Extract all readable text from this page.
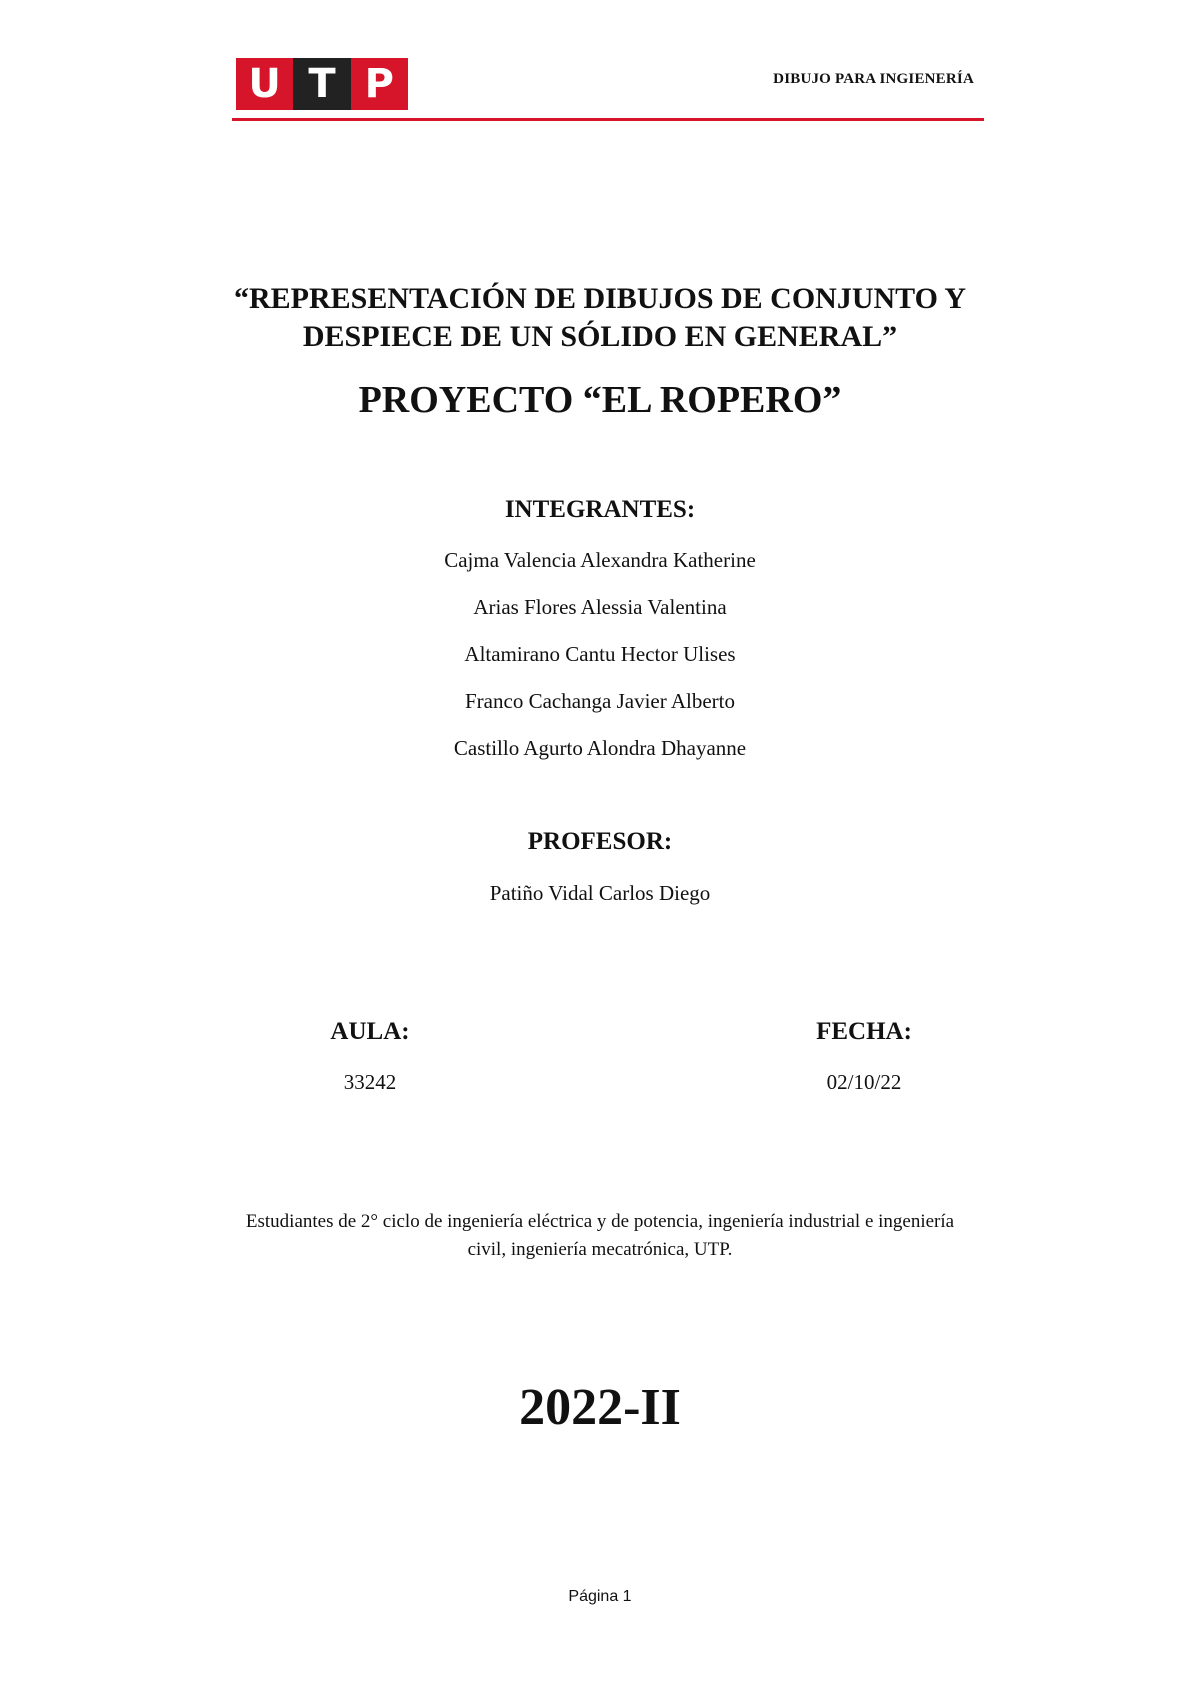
U T P	DIBUJO PARA INGIENERÍA
“REPRESENTACIÓN DE DIBUJOS DE CONJUNTO Y
DESPIECE DE UN SÓLIDO EN GENERAL”
PROYECTO “EL ROPERO”
INTEGRANTES:
Cajma Valencia Alexandra Katherine
Arias Flores Alessia Valentina
Altamirano Cantu Hector Ulises
Franco Cachanga Javier Alberto
Castillo Agurto Alondra Dhayanne
PROFESOR:
Patiño Vidal Carlos Diego
AULA:
33242
FECHA:
02/10/22
Estudiantes de 2° ciclo de ingeniería eléctrica y de potencia, ingeniería industrial e ingeniería
civil, ingeniería mecatrónica, UTP.
2022-II
Página 1
